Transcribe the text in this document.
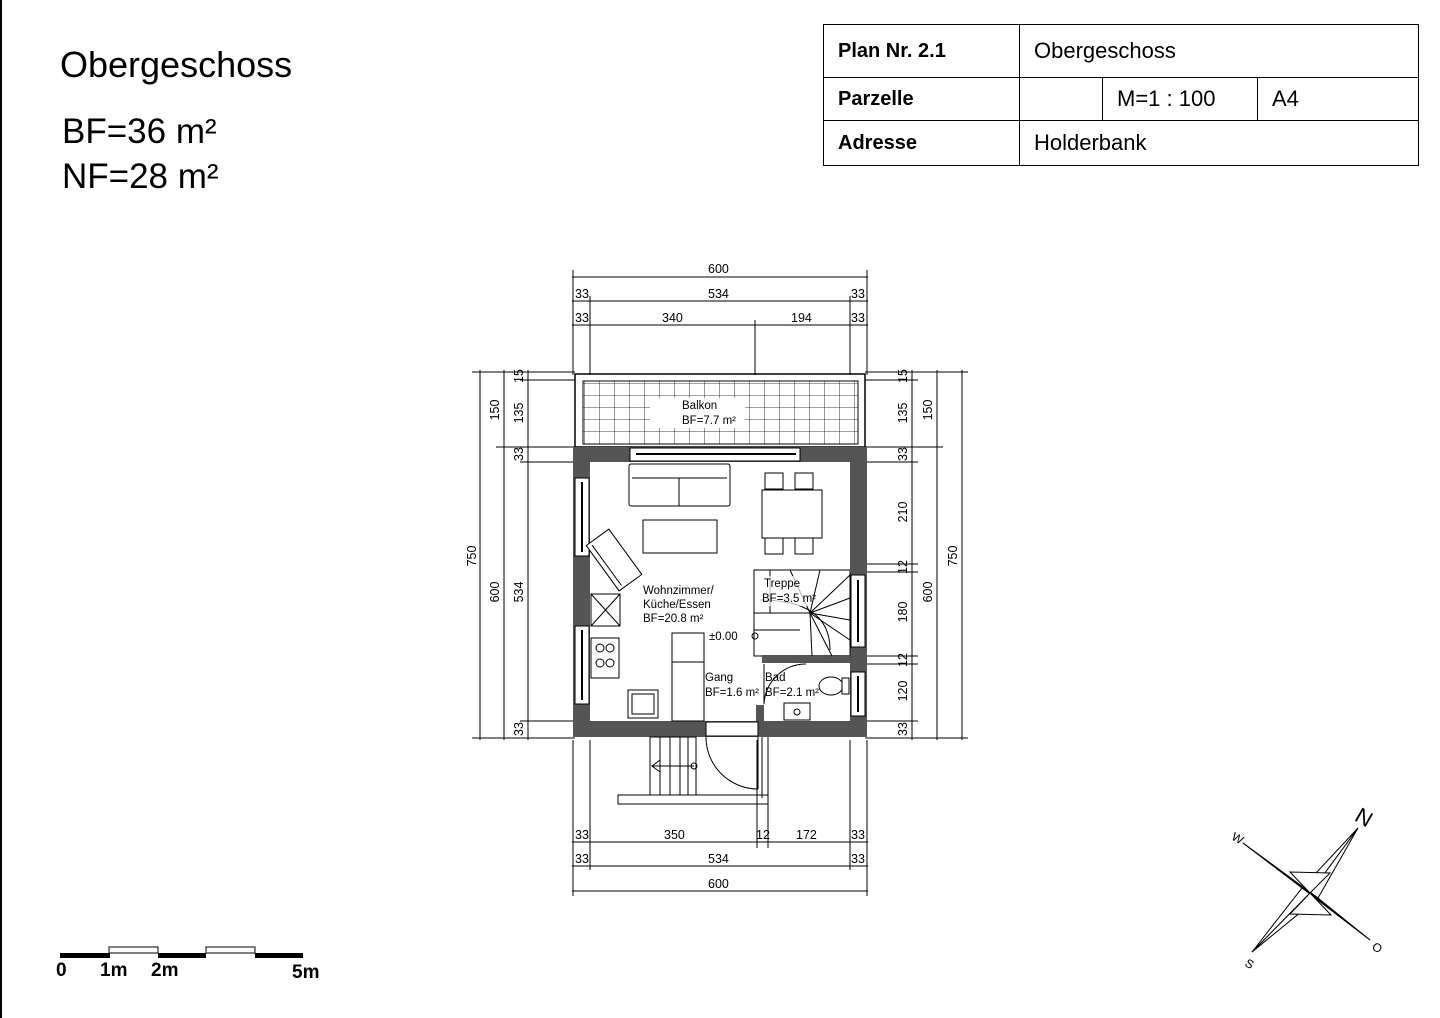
Obergeschoss
BF=36 m²
NF=28 m²
Plan Nr. 2.1	Obergeschoss		
Parzelle		M=1 : 100	A4
Adresse	Holderbank		
600
534
33	33
33	33
340	194
33	33
350	12 172
33	33
534
600
750
150
600
15
135
33
534
33
15
135
33
210
12
180
12
120
33
150
600
750
Balkon
BF=7.7 m²
Wohnzimmer/
Küche/Essen
BF=20.8 m²
±0.00
Treppe
BF=3.5 m²
Gang
BF=1.6 m²
Bad
BF=2.1 m²
N
W
S
O
0 1m 2m	5m
